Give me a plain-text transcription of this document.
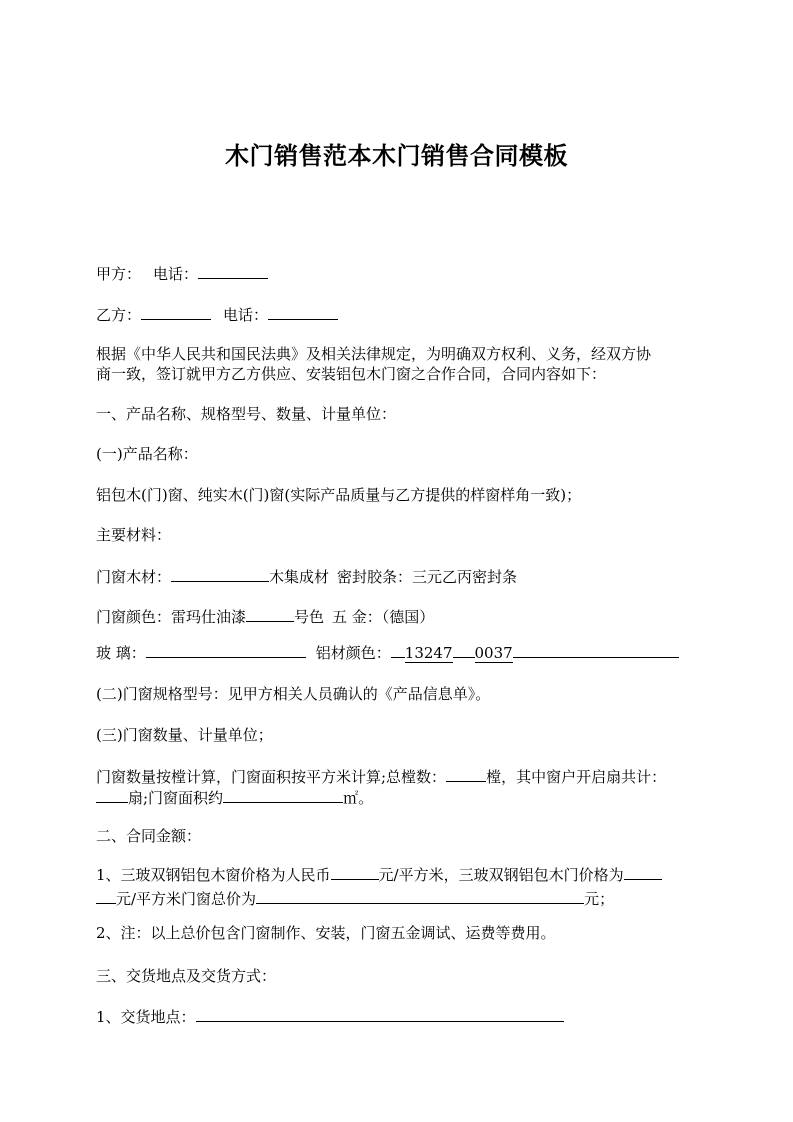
木门销售范本木门销售合同模板
甲方： 电话：
乙方：	电话：
根据《中华人民共和国民法典》及相关法律规定，为明确双方权利、义务，经双方协
商一致，签订就甲方乙方供应、安装铝包木门窗之合作合同，合同内容如下：
一、产品名称、规格型号、数量、计量单位：
(一)产品名称：
铝包木(门)窗、纯实木(门)窗(实际产品质量与乙方提供的样窗样角一致)；
主要材料：
门窗木材：	木集成材 密封胶条：三元乙丙密封条
门窗颜色：雷玛仕油漆	号色 五 金：（德国）
玻 璃：	铝材颜色： 13247 0037
(二)门窗规格型号：见甲方相关人员确认的《产品信息单》。
(三)门窗数量、计量单位；
门窗数量按樘计算，门窗面积按平方米计算;总樘数：	樘，其中窗户开启扇共计：
扇;门窗面积约	㎡。
二、合同金额：
1、三玻双钢铝包木窗价格为人民币	元/平方米，三玻双钢铝包木门价格为
元/平方米门窗总价为	元；
2、注：以上总价包含门窗制作、安装，门窗五金调试、运费等费用。
三、交货地点及交货方式：
1、交货地点：
